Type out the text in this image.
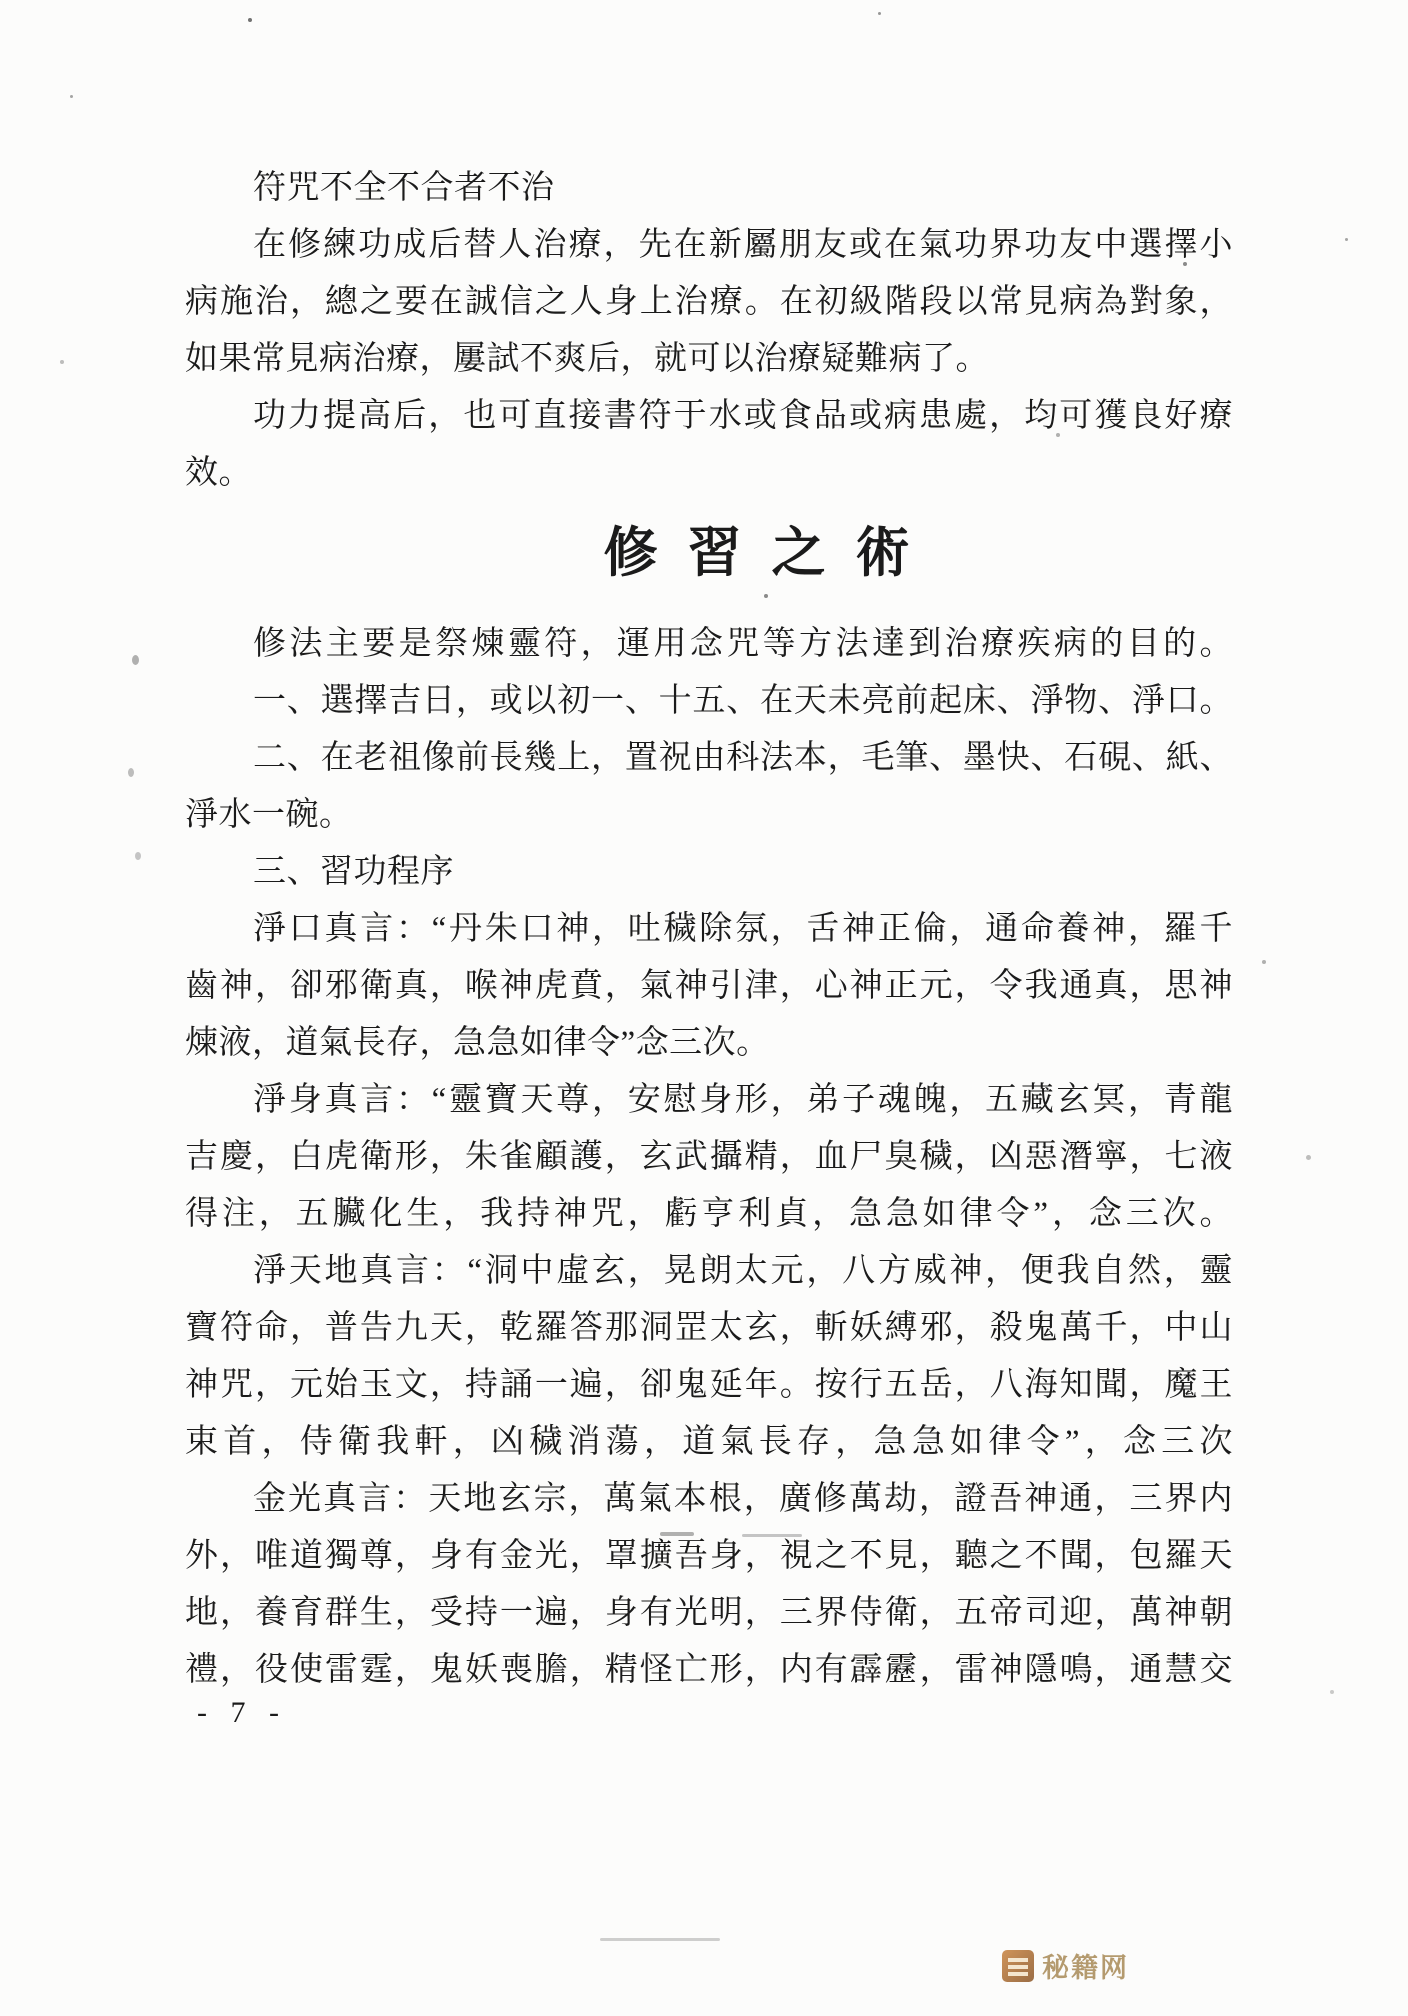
符咒不全不合者不治
在修練功成后替人治療，先在新屬朋友或在氣功界功友中選擇小
病施治，總之要在誠信之人身上治療。在初級階段以常見病為對象，
如果常見病治療，屢試不爽后，就可以治療疑難病了。
功力提高后，也可直接書符于水或食品或病患處，均可獲良好療
效。
修習之術
修法主要是祭煉靈符，運用念咒等方法達到治療疾病的目的。
一、選擇吉日，或以初一、十五、在天未亮前起床、淨物、淨口。
二、在老祖像前長幾上，置祝由科法本，毛筆、墨快、石硯、紙、
淨水一碗。
三、習功程序
淨口真言：“丹朱口神，吐穢除氛，舌神正倫，通命養神，羅千
齒神，卻邪衛真，喉神虎賁，氣神引津，心神正元，令我通真，思神
煉液，道氣長存，急急如律令”念三次。
淨身真言：“靈寶天尊，安慰身形，弟子魂魄，五藏玄冥，青龍
吉慶，白虎衛形，朱雀顧護，玄武攝精，血尸臭穢，凶惡潛寧，七液
得注，五臟化生，我持神咒，虧亨利貞，急急如律令”，念三次。
淨天地真言：“洞中虛玄，晃朗太元，八方威神，便我自然，靈
寶符命，普告九天，乾羅答那洞罡太玄，斬妖縛邪，殺鬼萬千，中山
神咒，元始玉文，持誦一遍，卻鬼延年。按行五岳，八海知聞，魔王
束首，侍衛我軒，凶穢消蕩，道氣長存，急急如律令”，念三次
金光真言：天地玄宗，萬氣本根，廣修萬劫，證吾神通，三界内
外，唯道獨尊，身有金光，罩擴吾身，視之不見，聽之不聞，包羅天
地，養育群生，受持一遍，身有光明，三界侍衛，五帝司迎，萬神朝
禮，役使雷霆，鬼妖喪膽，精怪亡形，内有霹靂，雷神隱鳴，通慧交
- 7 -
秘籍网
